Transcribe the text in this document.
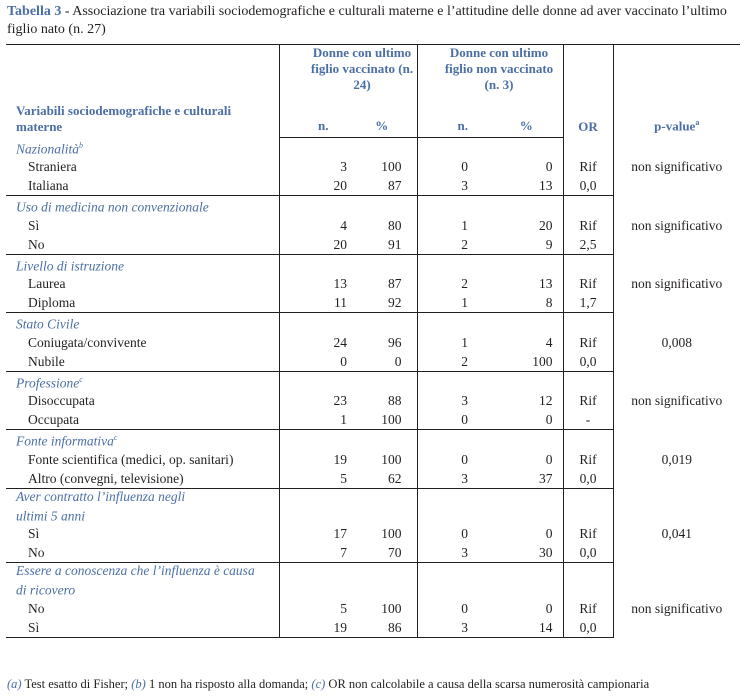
Tabella 3 - Associazione tra variabili sociodemografiche e culturali materne e l’attitudine delle donne ad aver vaccinato l’ultimo figlio nato (n. 27)
Variabili sociodemografiche e culturali materne	Donne con ultimo figlio vaccinato (n. 24)		Donne con ultimo figlio non vaccinato (n. 3)		OR	p-value$^a$
	n.	%	n.	%		
Nazionalità$^b$						
Straniera	3	100	0	0	Rif	non significativo
Italiana	20	87	3	13	0,0	
Uso di medicina non convenzionale						
Sì	4	80	1	20	Rif	non significativo
No	20	91	2	9	2,5	
Livello di istruzione						
Laurea	13	87	2	13	Rif	non significativo
Diploma	11	92	1	8	1,7	
Stato Civile						
Coniugata/convivente	24	96	1	4	Rif	0,008
Nubile	0	0	2	100	0,0	
Professione$^c$						
Disoccupata	23	88	3	12	Rif	non significativo
Occupata	1	100	0	0	-	
Fonte informativa$^c$						
Fonte scientifica (medici, op. sanitari)	19	100	0	0	Rif	0,019
Altro (convegni, televisione)	5	62	3	37	0,0	
Aver contratto l’influenza negli ultimi 5 anni						
Sì	17	100	0	0	Rif	0,041
No	7	70	3	30	0,0	
Essere a conoscenza che l’influenza è causa di ricovero						
No	5	100	0	0	Rif	non significativo
Sì	19	86	3	14	0,0	
(a) Test esatto di Fisher; (b) 1 non ha risposto alla domanda; (c) OR non calcolabile a causa della scarsa numerosità campionaria
